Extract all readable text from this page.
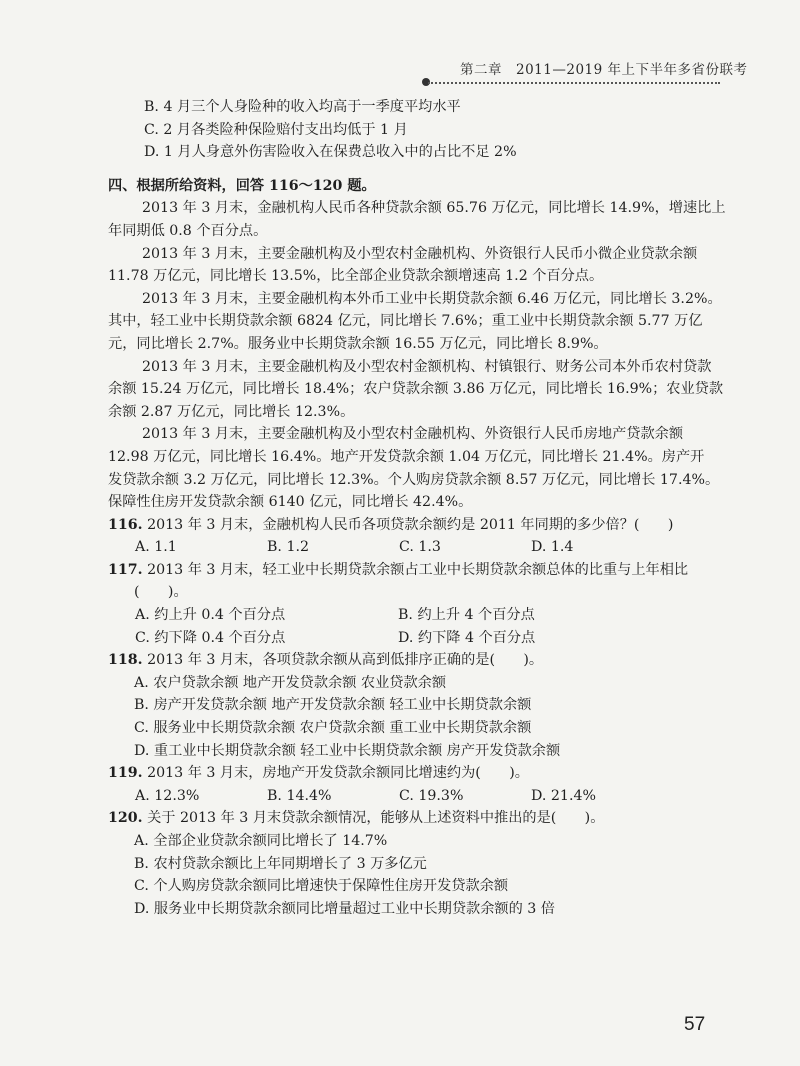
第二章　2011—2019 年上下半年多省份联考
B. 4 月三个人身险种的收入均高于一季度平均水平
C. 2 月各类险种保险赔付支出均低于 1 月
D. 1 月人身意外伤害险收入在保费总收入中的占比不足 2%
四、根据所给资料，回答 116～120 题。
2013 年 3 月末，金融机构人民币各种贷款余额 65.76 万亿元，同比增长 14.9%，增速比上
年同期低 0.8 个百分点。
2013 年 3 月末，主要金融机构及小型农村金融机构、外资银行人民币小微企业贷款余额
11.78 万亿元，同比增长 13.5%，比全部企业贷款余额增速高 1.2 个百分点。
2013 年 3 月末，主要金融机构本外币工业中长期贷款余额 6.46 万亿元，同比增长 3.2%。
其中，轻工业中长期贷款余额 6824 亿元，同比增长 7.6%；重工业中长期贷款余额 5.77 万亿
元，同比增长 2.7%。服务业中长期贷款余额 16.55 万亿元，同比增长 8.9%。
2013 年 3 月末，主要金融机构及小型农村金额机构、村镇银行、财务公司本外币农村贷款
余额 15.24 万亿元，同比增长 18.4%；农户贷款余额 3.86 万亿元，同比增长 16.9%；农业贷款
余额 2.87 万亿元，同比增长 12.3%。
2013 年 3 月末，主要金融机构及小型农村金融机构、外资银行人民币房地产贷款余额
12.98 万亿元，同比增长 16.4%。地产开发贷款余额 1.04 万亿元，同比增长 21.4%。房产开
发贷款余额 3.2 万亿元，同比增长 12.3%。个人购房贷款余额 8.57 万亿元，同比增长 17.4%。
保障性住房开发贷款余额 6140 亿元，同比增长 42.4%。
116. 2013 年 3 月末，金融机构人民币各项贷款余额约是 2011 年同期的多少倍？(　　)
A. 1.1	B. 1.2	C. 1.3	D. 1.4
117. 2013 年 3 月末，轻工业中长期贷款余额占工业中长期贷款余额总体的比重与上年相比
(　　)。
A. 约上升 0.4 个百分点	B. 约上升 4 个百分点
C. 约下降 0.4 个百分点	D. 约下降 4 个百分点
118. 2013 年 3 月末，各项贷款余额从高到低排序正确的是(　　)。
A. 农户贷款余额 地产开发贷款余额 农业贷款余额
B. 房产开发贷款余额 地产开发贷款余额 轻工业中长期贷款余额
C. 服务业中长期贷款余额 农户贷款余额 重工业中长期贷款余额
D. 重工业中长期贷款余额 轻工业中长期贷款余额 房产开发贷款余额
119. 2013 年 3 月末，房地产开发贷款余额同比增速约为(　　)。
A. 12.3%	B. 14.4%	C. 19.3%	D. 21.4%
120. 关于 2013 年 3 月末贷款余额情况，能够从上述资料中推出的是(　　)。
A. 全部企业贷款余额同比增长了 14.7%
B. 农村贷款余额比上年同期增长了 3 万多亿元
C. 个人购房贷款余额同比增速快于保障性住房开发贷款余额
D. 服务业中长期贷款余额同比增量超过工业中长期贷款余额的 3 倍
57
